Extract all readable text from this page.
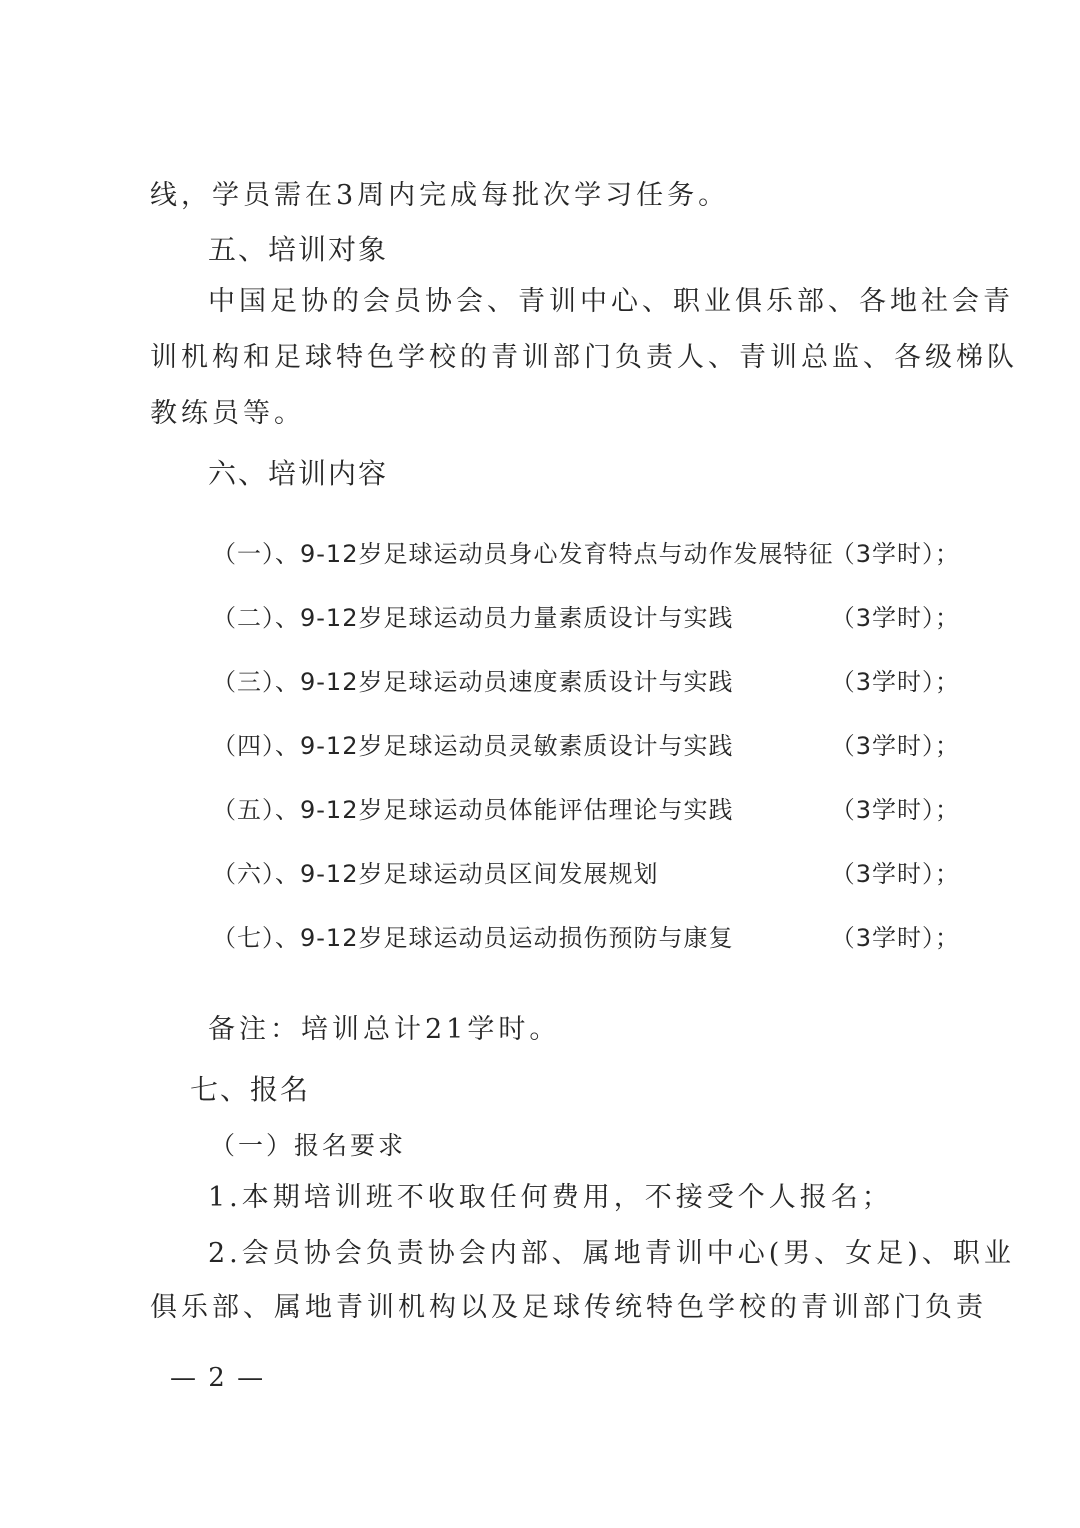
线，学员需在3周内完成每批次学习任务。
五、培训对象
中国足协的会员协会、青训中心、职业俱乐部、各地社会青
训机构和足球特色学校的青训部门负责人、青训总监、各级梯队
教练员等。
六、培训内容
（一）、9-12岁足球运动员身心发育特点与动作发展特征
（3学时）；
（二）、9-12岁足球运动员力量素质设计与实践	（3学时）；
（三）、9-12岁足球运动员速度素质设计与实践	（3学时）；
（四）、9-12岁足球运动员灵敏素质设计与实践	（3学时）；
（五）、9-12岁足球运动员体能评估理论与实践	（3学时）；
（六）、9-12岁足球运动员区间发展规划	（3学时）；
（七）、9-12岁足球运动员运动损伤预防与康复	（3学时）；
备注：培训总计21学时。
七、报名
（一）报名要求
1.本期培训班不收取任何费用，不接受个人报名；
2.会员协会负责协会内部、属地青训中心(男、女足)、职业
俱乐部、属地青训机构以及足球传统特色学校的青训部门负责
— 2 —
